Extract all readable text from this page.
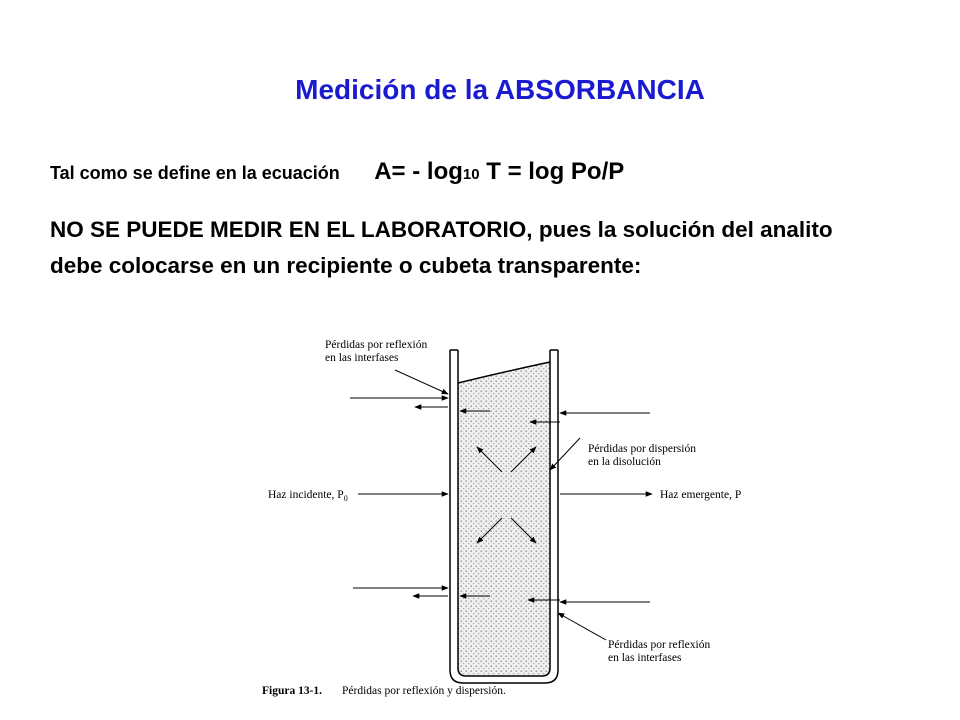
Medición de la ABSORBANCIA
Tal como se define en la ecuación A= - log10 T = log Po/P
NO SE PUEDE MEDIR EN EL LABORATORIO, pues la solución del analito debe colocarse en un recipiente o cubeta transparente:
Pérdidas por reflexión
en las interfases
Pérdidas por dispersión
en la disolución
Haz incidente, $P_0$	Haz emergente, P
Pérdidas por reflexión
en las interfases
Figura 13-1. Pérdidas por reflexión y dispersión.
